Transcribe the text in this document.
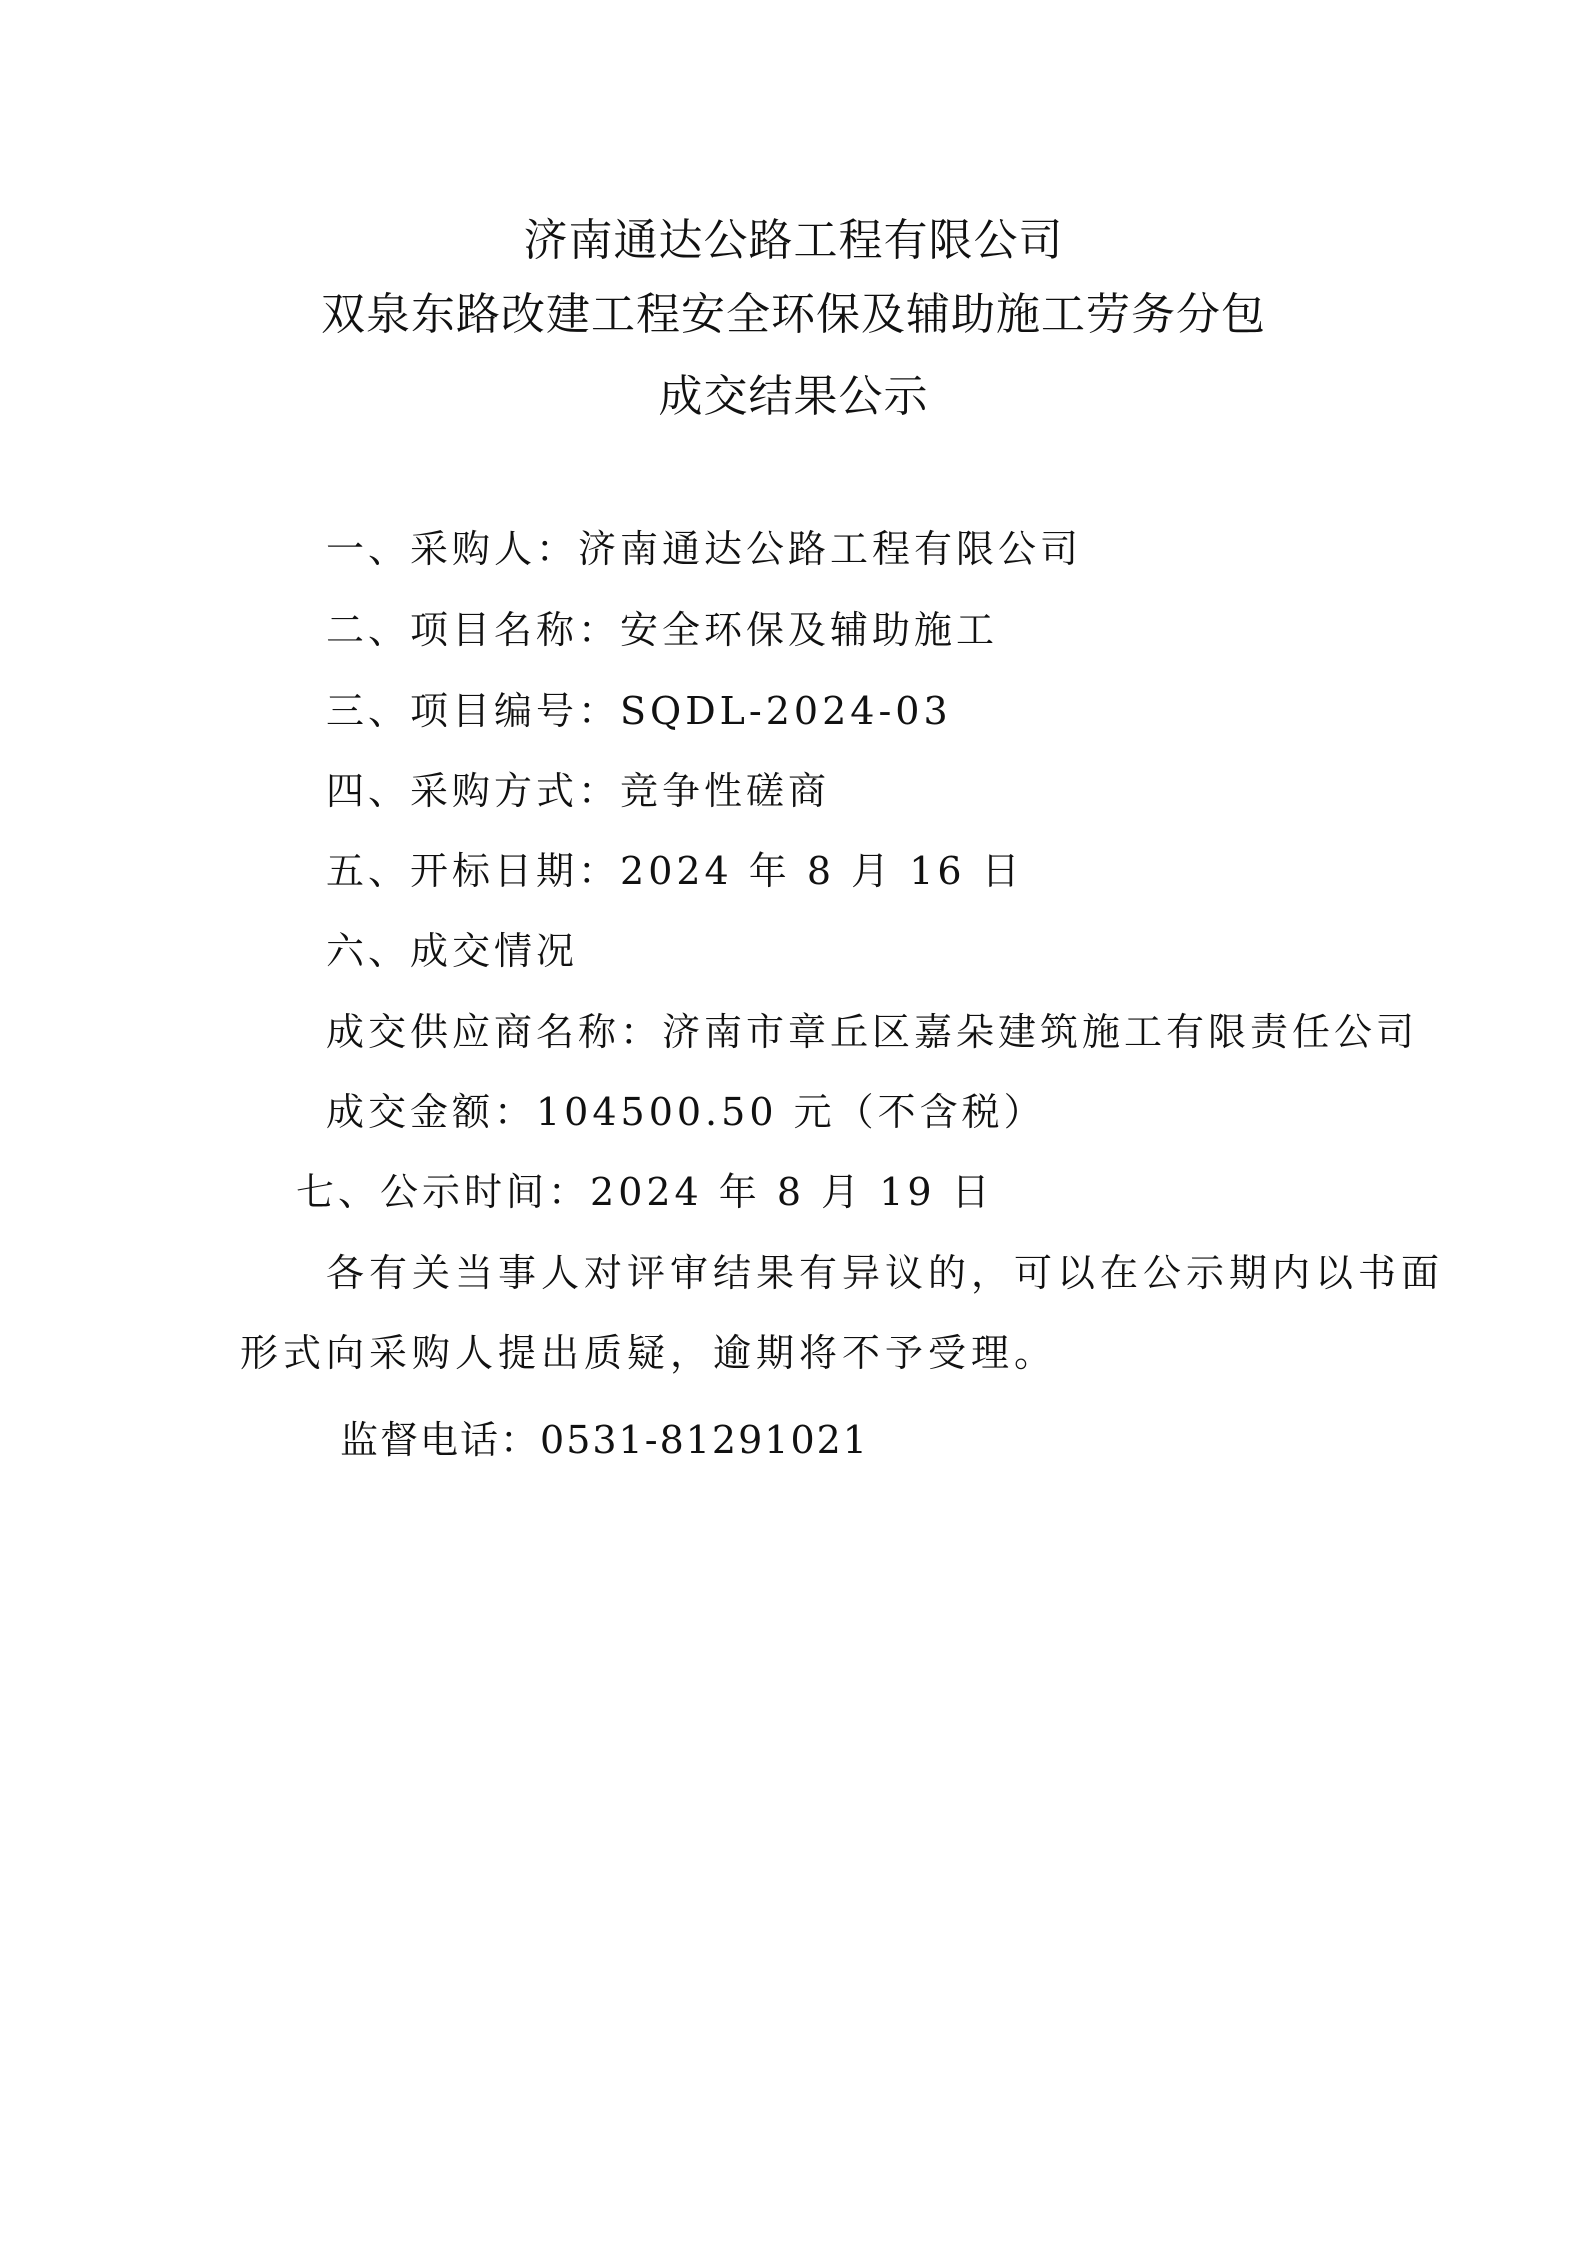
济南通达公路工程有限公司
双泉东路改建工程安全环保及辅助施工劳务分包
成交结果公示
一、采购人：济南通达公路工程有限公司
二、项目名称：安全环保及辅助施工
三、项目编号：SQDL-2024-03
四、采购方式：竞争性磋商
五、开标日期：2024 年 8 月 16 日
六、成交情况
成交供应商名称：济南市章丘区嘉朵建筑施工有限责任公司
成交金额：104500.50 元（不含税）
七、公示时间：2024 年 8 月 19 日
各有关当事人对评审结果有异议的，可以在公示期内以书面
形式向采购人提出质疑，逾期将不予受理。
监督电话：0531-81291021
